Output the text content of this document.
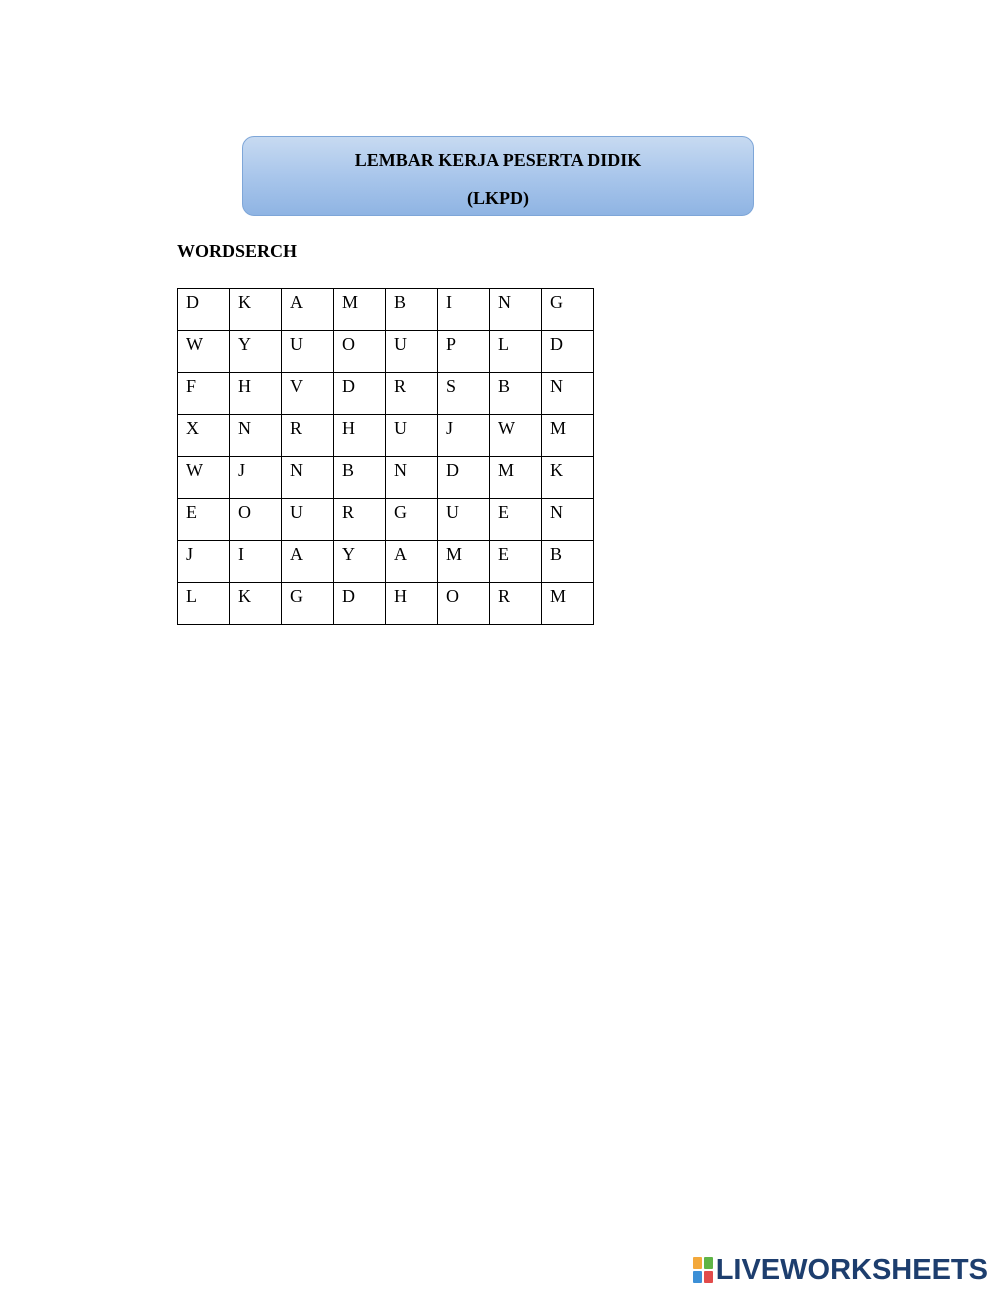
LEMBAR KERJA PESERTA DIDIK
(LKPD)
WORDSERCH
D	K	A	M	B	I	N	G
W	Y	U	O	U	P	L	D
F	H	V	D	R	S	B	N
X	N	R	H	U	J	W	M
W	J	N	B	N	D	M	K
E	O	U	R	G	U	E	N
J	I	A	Y	A	M	E	B
L	K	G	D	H	O	R	M
LIVEWORKSHEETS
